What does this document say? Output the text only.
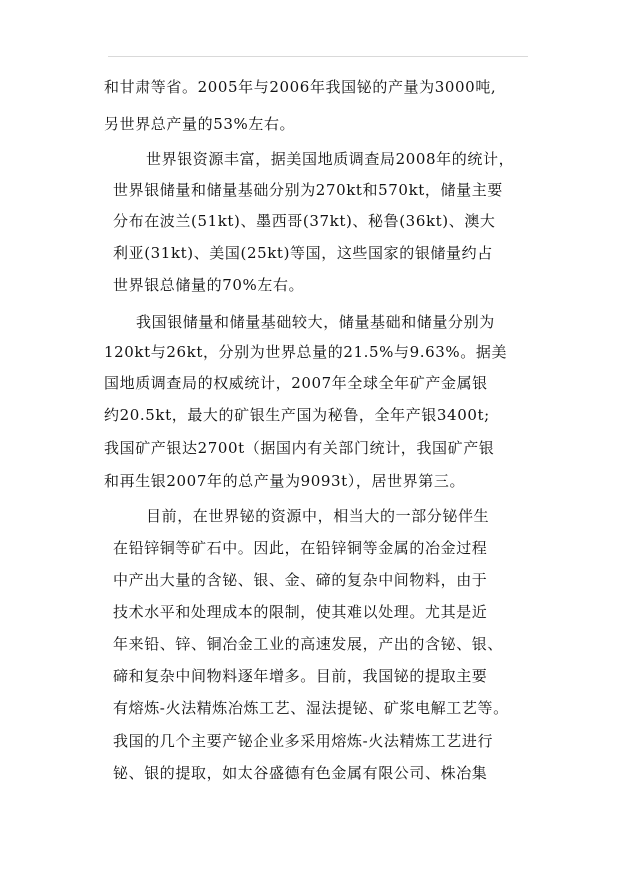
和甘肃等省。2005年与2006年我国铋的产量为3000吨,
另世界总产量的53%左右。
世界银资源丰富，据美国地质调查局2008年的统计，
世界银储量和储量基础分别为270kt和570kt，储量主要
分布在波兰(51kt)、墨西哥(37kt)、秘鲁(36kt)、澳大
利亚(31kt)、美国(25kt)等国，这些国家的银储量约占
世界银总储量的70%左右。
我国银储量和储量基础较大，储量基础和储量分别为
120kt与26kt，分别为世界总量的21.5%与9.63%。据美
国地质调查局的权威统计，2007年全球全年矿产金属银
约20.5kt，最大的矿银生产国为秘鲁，全年产银3400t;
我国矿产银达2700t（据国内有关部门统计，我国矿产银
和再生银2007年的总产量为9093t），居世界第三。
目前，在世界铋的资源中，相当大的一部分铋伴生
在铅锌铜等矿石中。因此，在铅锌铜等金属的冶金过程
中产出大量的含铋、银、金、碲的复杂中间物料，由于
技术水平和处理成本的限制，使其难以处理。尤其是近
年来铅、锌、铜冶金工业的高速发展，产出的含铋、银、
碲和复杂中间物料逐年增多。目前，我国铋的提取主要
有熔炼-火法精炼冶炼工艺、湿法提铋、矿浆电解工艺等。
我国的几个主要产铋企业多采用熔炼-火法精炼工艺进行
铋、银的提取，如太谷盛德有色金属有限公司、株冶集
